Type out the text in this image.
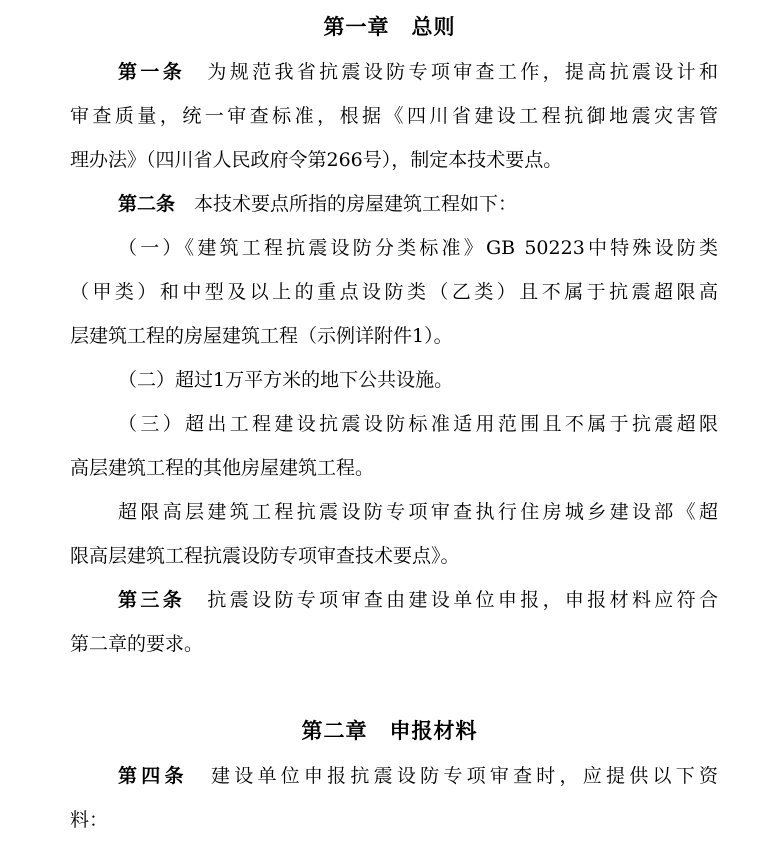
第一章　总则
第一条　 为规范我省抗震设防专项审查工作，提高抗震设计和
审查质量，统一审查标准，根据《四川省建设工程抗御地震灾害管
理办法》（四川省人民政府令第266号），制定本技术要点。
第二条　 本技术要点所指的房屋建筑工程如下：
（一）《建筑工程抗震设防分类标准》GB 50223中特殊设防类
（甲类）和中型及以上的重点设防类（乙类）且不属于抗震超限高
层建筑工程的房屋建筑工程（示例详附件1）。
（二）超过1万平方米的地下公共设施。
（三）超出工程建设抗震设防标准适用范围且不属于抗震超限
高层建筑工程的其他房屋建筑工程。
超限高层建筑工程抗震设防专项审查执行住房城乡建设部《超
限高层建筑工程抗震设防专项审查技术要点》。
第三条　 抗震设防专项审查由建设单位申报，申报材料应符合
第二章的要求。
第二章　申报材料
第四条　 建设单位申报抗震设防专项审查时，应提供以下资
料：
